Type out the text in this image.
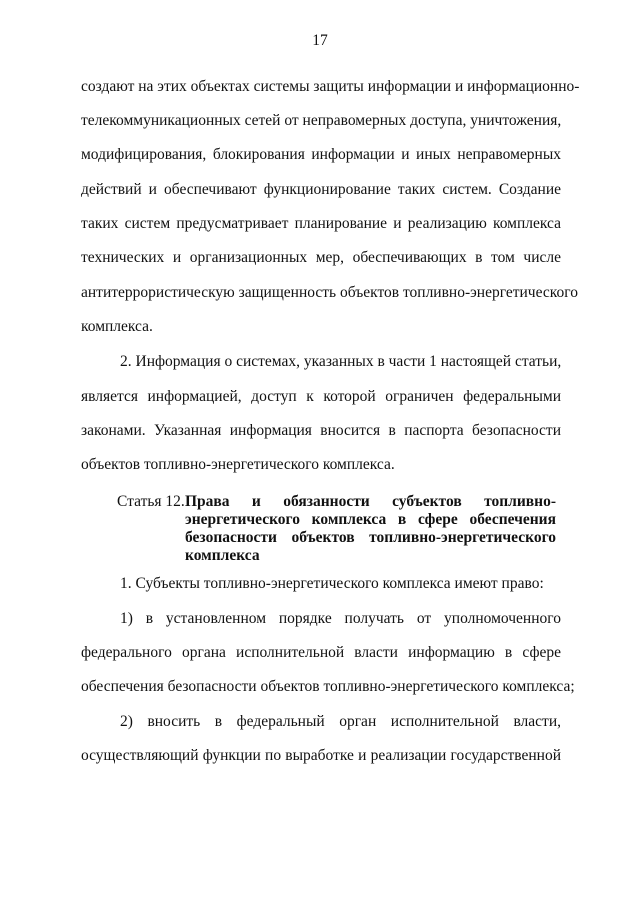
17
создают на этих объектах системы защиты информации и информационно-
телекоммуникационных сетей от неправомерных доступа, уничтожения,
модифицирования, блокирования информации и иных неправомерных
действий и обеспечивают функционирование таких систем. Создание
таких систем предусматривает планирование и реализацию комплекса
технических и организационных мер, обеспечивающих в том числе
антитеррористическую защищенность объектов топливно-энергетического
комплекса.
2. Информация о системах, указанных в части 1 настоящей статьи,
является информацией, доступ к которой ограничен федеральными
законами. Указанная информация вносится в паспорта безопасности
объектов топливно-энергетического комплекса.
Статья 12. Права и обязанности субъектов топливно-
энергетического комплекса в сфере обеспечения
безопасности объектов топливно-энергетического
комплекса
1. Субъекты топливно-энергетического комплекса имеют право:
1) в установленном порядке получать от уполномоченного
федерального органа исполнительной власти информацию в сфере
обеспечения безопасности объектов топливно-энергетического комплекса;
2) вносить в федеральный орган исполнительной власти,
осуществляющий функции по выработке и реализации государственной
